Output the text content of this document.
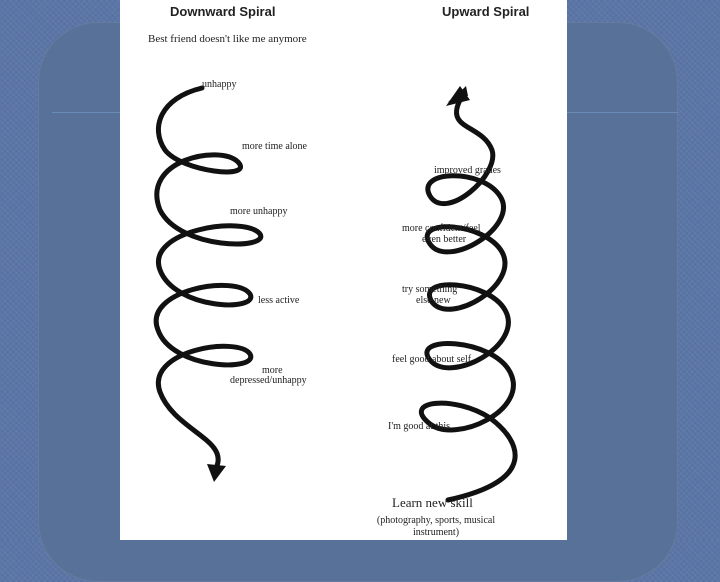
Downward Spiral
Best friend doesn't like me anymore
unhappy
more time alone
more unhappy
less active
more
depressed/unhappy
Upward Spiral
improved grades
more confident/feel
even better
try something
else new
feel good about self
I'm good at this
Learn new skill
(photography, sports, musical
instrument)
